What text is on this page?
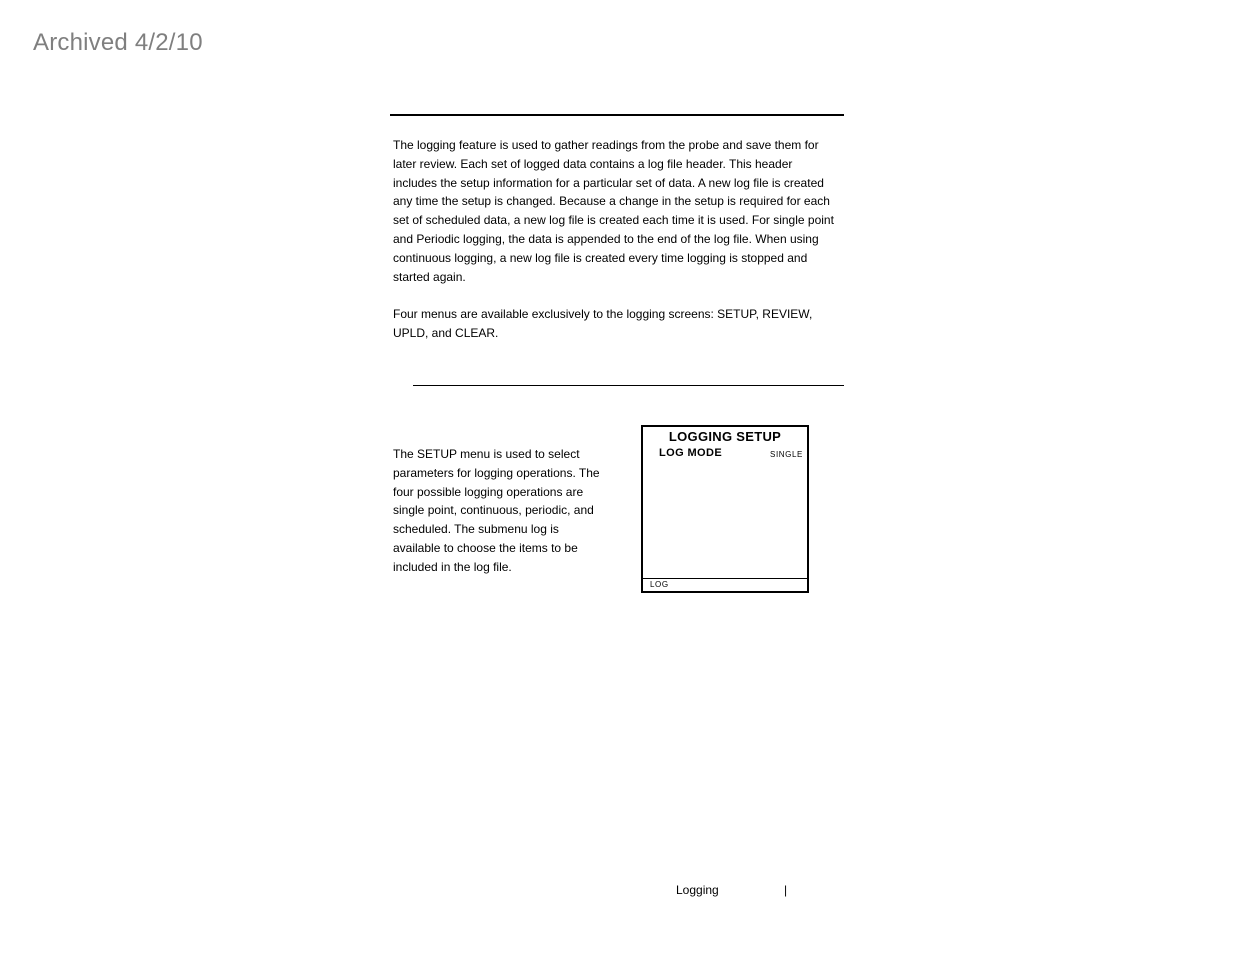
Archived 4/2/10

The logging feature is used to gather readings from the probe and save them for later review. Each set of logged data contains a log file header. This header includes the setup information for a particular set of data. A new log file is created any time the setup is changed. Because a change in the setup is required for each set of scheduled data, a new log file is created each time it is used. For single point and Periodic logging, the data is appended to the end of the log file. When using continuous logging, a new log file is created every time logging is stopped and started again.

Four menus are available exclusively to the logging screens: SETUP, REVIEW, UPLD, and CLEAR.

The SETUP menu is used to select parameters for logging operations. The four possible logging operations are single point, continuous, periodic, and scheduled. The submenu log is available to choose the items to be included in the log file.

LOGGING SETUP
LOG MODE	SINGLE
LOG
Logging	|
